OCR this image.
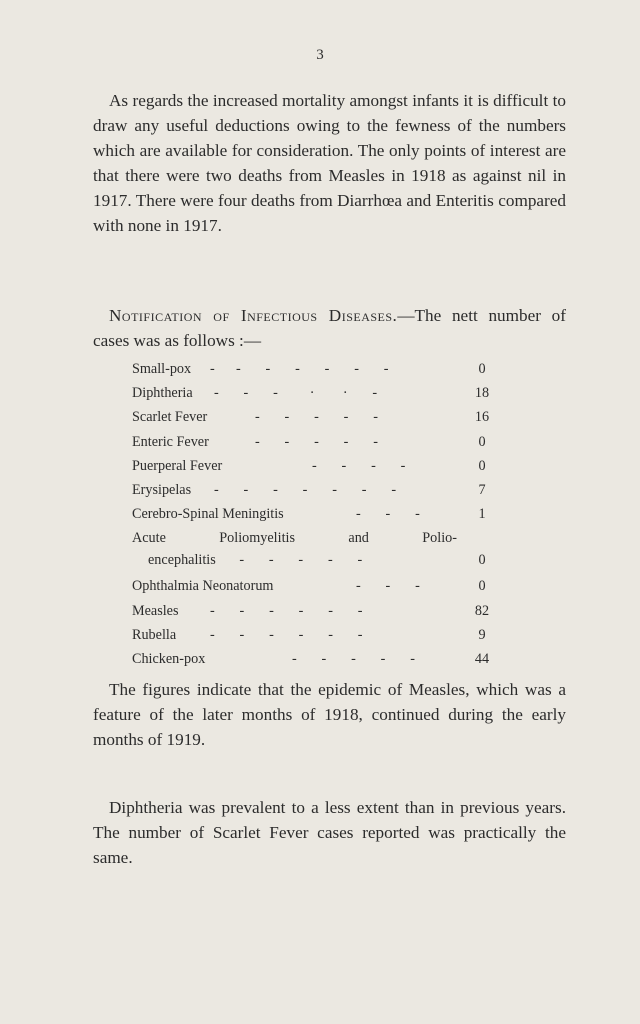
3

As regards the increased mortality amongst infants it is difficult to draw any useful deductions owing to the fewness of the numbers which are available for consideration. The only points of interest are that there were two deaths from Measles in 1918 as against nil in 1917. There were four deaths from Diarrhœa and Enteritis compared with none in 1917.

Notification of Infectious Diseases.—The nett number of cases was as follows :—

Small-pox -      -       -       -       -       -       -	0
Diphtheria -       -       -         ·        ·       -	18
Scarlet Fever	-       -       -       -       -	16
Enteric Fever	-       -       -       -       -	0
Puerperal Fever	-       -       -       -	0
Erysipelas -       -       -       -       -       -       -	7
Cerebro-Spinal Meningitis	-       -       -	1
Acute	Poliomyelitis	and	Polio-
encephalitis -       -       -       -       -	0
Ophthalmia Neonatorum	-       -       -	0
Measles -       -       -       -       -       -	82
Rubella -       -       -       -       -       -	9
Chicken-pox	-       -       -       -       -	44

The figures indicate that the epidemic of Measles, which was a feature of the later months of 1918, continued during the early months of 1919.

Diphtheria was prevalent to a less extent than in previous years. The number of Scarlet Fever cases reported was practically the same.
